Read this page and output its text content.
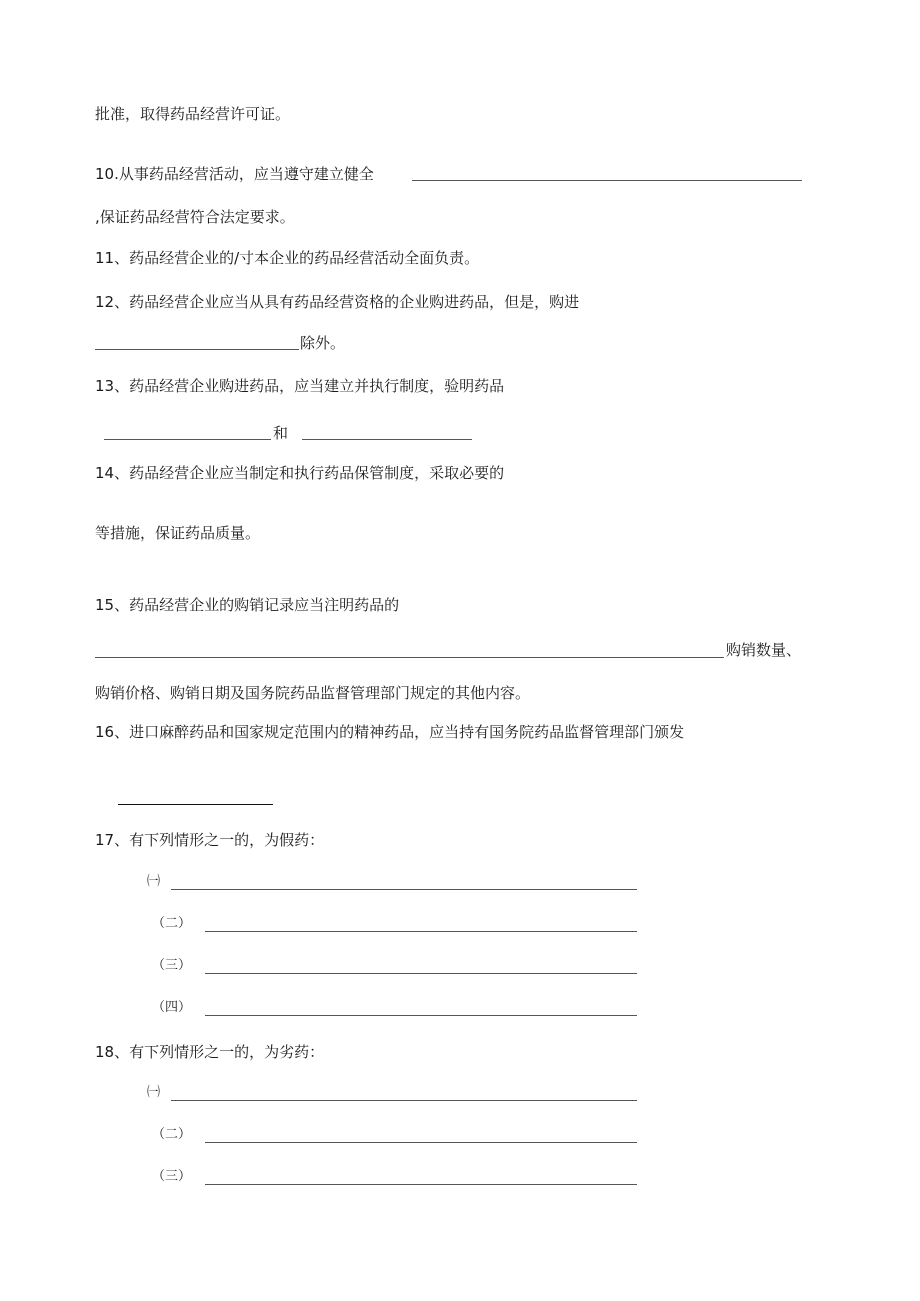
批准，取得药品经营许可证。
10.从事药品经营活动，应当遵守建立健全
,保证药品经营符合法定要求。
11、药品经营企业的/寸本企业的药品经营活动全面负责。
12、药品经营企业应当从具有药品经营资格的企业购进药品，但是，购进
除外。
13、药品经营企业购进药品，应当建立并执行制度，验明药品
和
14、药品经营企业应当制定和执行药品保管制度，采取必要的
等措施，保证药品质量。
15、药品经营企业的购销记录应当注明药品的
购销数量、
购销价格、购销日期及国务院药品监督管理部门规定的其他内容。
16、进口麻醉药品和国家规定范围内的精神药品，应当持有国务院药品监督管理部门颁发
17、有下列情形之一的，为假药：
㈠
（二）
（三）
（四）
18、有下列情形之一的，为劣药：
㈠
（二）
（三）
